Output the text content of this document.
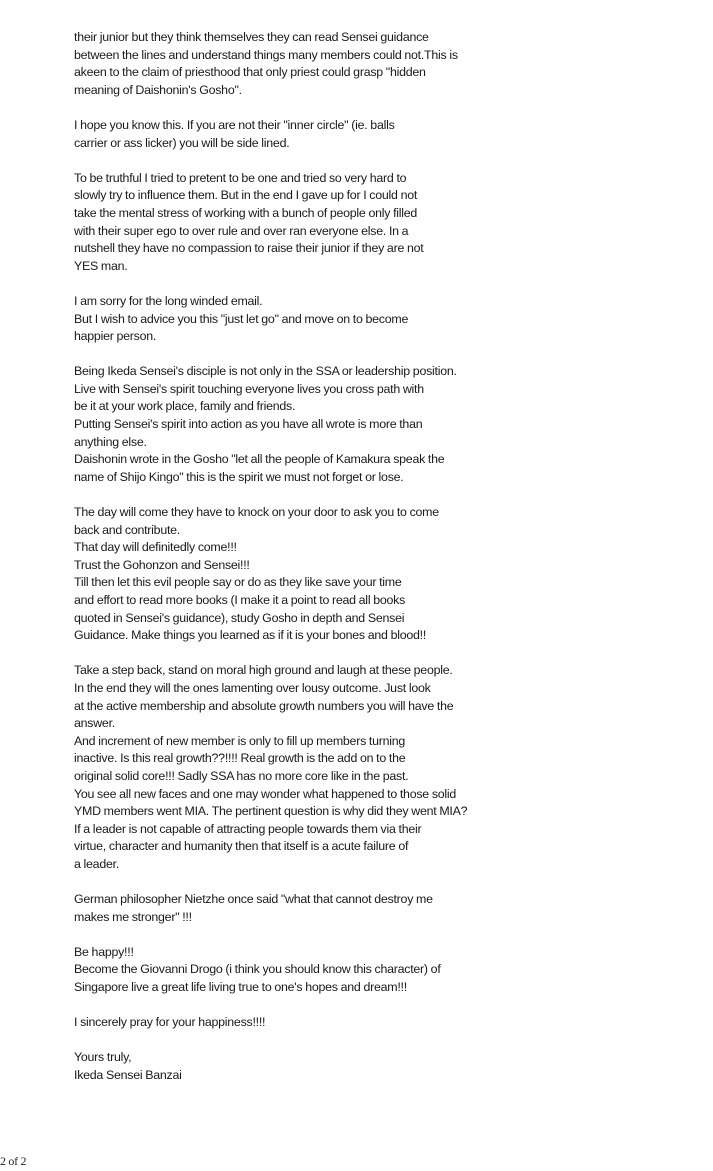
their junior but they think themselves they can read Sensei guidance
between the lines and understand things many members could not.This is
akeen to the claim of priesthood that only priest could grasp "hidden
meaning of Daishonin's Gosho".
I hope you know this. If you are not their "inner circle" (ie. balls
carrier or ass licker) you will be side lined.
To be truthful I tried to pretent to be one and tried so very hard to
slowly try to influence them. But in the end I gave up for I could not
take the mental stress of working with a bunch of people only filled
with their super ego to over rule and over ran everyone else. In a
nutshell they have no compassion to raise their junior if they are not
YES man.
I am sorry for the long winded email.
But I wish to advice you this "just let go" and move on to become
happier person.
Being Ikeda Sensei's disciple is not only in the SSA or leadership position.
Live with Sensei's spirit touching everyone lives you cross path with
be it at your work place, family and friends.
Putting Sensei's spirit into action as you have all wrote is more than
anything else.
Daishonin wrote in the Gosho "let all the people of Kamakura speak the
name of Shijo Kingo" this is the spirit we must not forget or lose.
The day will come they have to knock on your door to ask you to come
back and contribute.
That day will definitedly come!!!
Trust the Gohonzon and Sensei!!!
Till then let this evil people say or do as they like save your time
and effort to read more books (I make it a point to read all books
quoted in Sensei's guidance), study Gosho in depth and Sensei
Guidance. Make things you learned as if it is your bones and blood!!
Take a step back, stand on moral high ground and laugh at these people.
In the end they will the ones lamenting over lousy outcome. Just look
at the active membership and absolute growth numbers you will have the
answer.
And increment of new member is only to fill up members turning
inactive. Is this real growth??!!!! Real growth is the add on to the
original solid core!!! Sadly SSA has no more core like in the past.
You see all new faces and one may wonder what happened to those solid
YMD members went MIA. The pertinent question is why did they went MIA?
If a leader is not capable of attracting people towards them via their
virtue, character and humanity then that itself is a acute failure of
a leader.
German philosopher Nietzhe once said "what that cannot destroy me
makes me stronger" !!!
Be happy!!!
Become the Giovanni Drogo (i think you should know this character) of
Singapore live a great life living true to one's hopes and dream!!!
I sincerely pray for your happiness!!!!
Yours truly,
Ikeda Sensei Banzai
2 of 2
